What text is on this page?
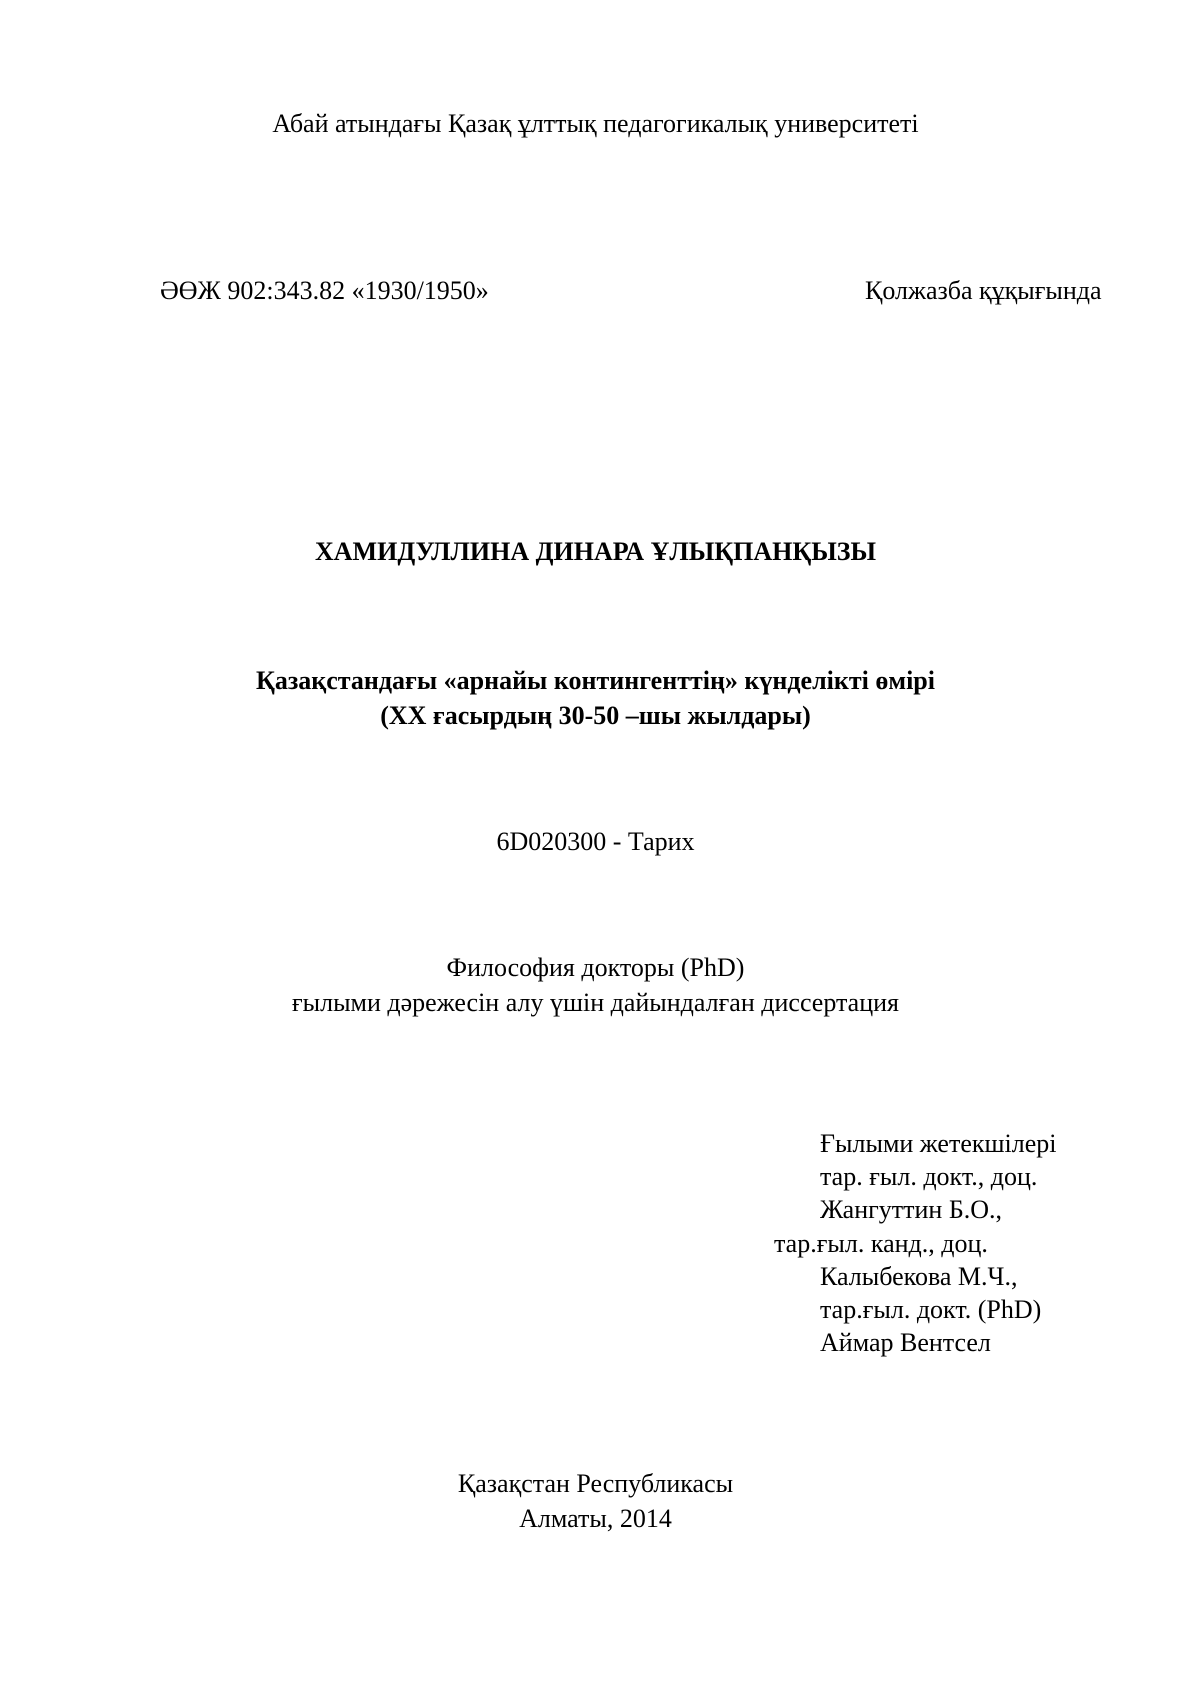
Абай атындағы Қазақ ұлттық педагогикалық университеті
ӘӨЖ 902:343.82 «1930/1950»	Қолжазба құқығында
ХАМИДУЛЛИНА ДИНАРА ҰЛЫҚПАНҚЫЗЫ
Қазақстандағы «арнайы контингенттің» күнделікті өмірі
(XX ғасырдың 30-50 –шы жылдары)
6D020300 - Тарих
Философия докторы (PhD)
ғылыми дәрежесін алу үшін дайындалған диссертация
Ғылыми жетекшілері
тар. ғыл. докт., доц.
Жангуттин Б.О.,
тар.ғыл. канд., доц.
Калыбекова М.Ч.,
тар.ғыл. докт. (PhD)
Аймар Вентсел
Қазақстан Республикасы
Алматы, 2014
